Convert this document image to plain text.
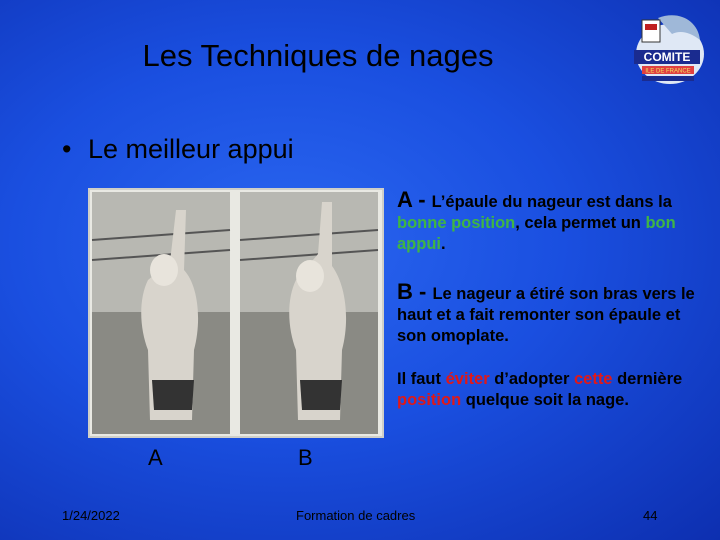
Les Techniques de nages	COMITE
ILE DE FRANCE
• Le meilleur appui
A	B
A - L’épaule du nageur est dans la bonne position, cela permet un bon appui.
B - Le nageur a étiré son bras vers le haut et a fait remonter son épaule et son omoplate.
Il faut éviter d’adopter cette dernière position quelque soit la nage.
1/24/2022	Formation de cadres	44
